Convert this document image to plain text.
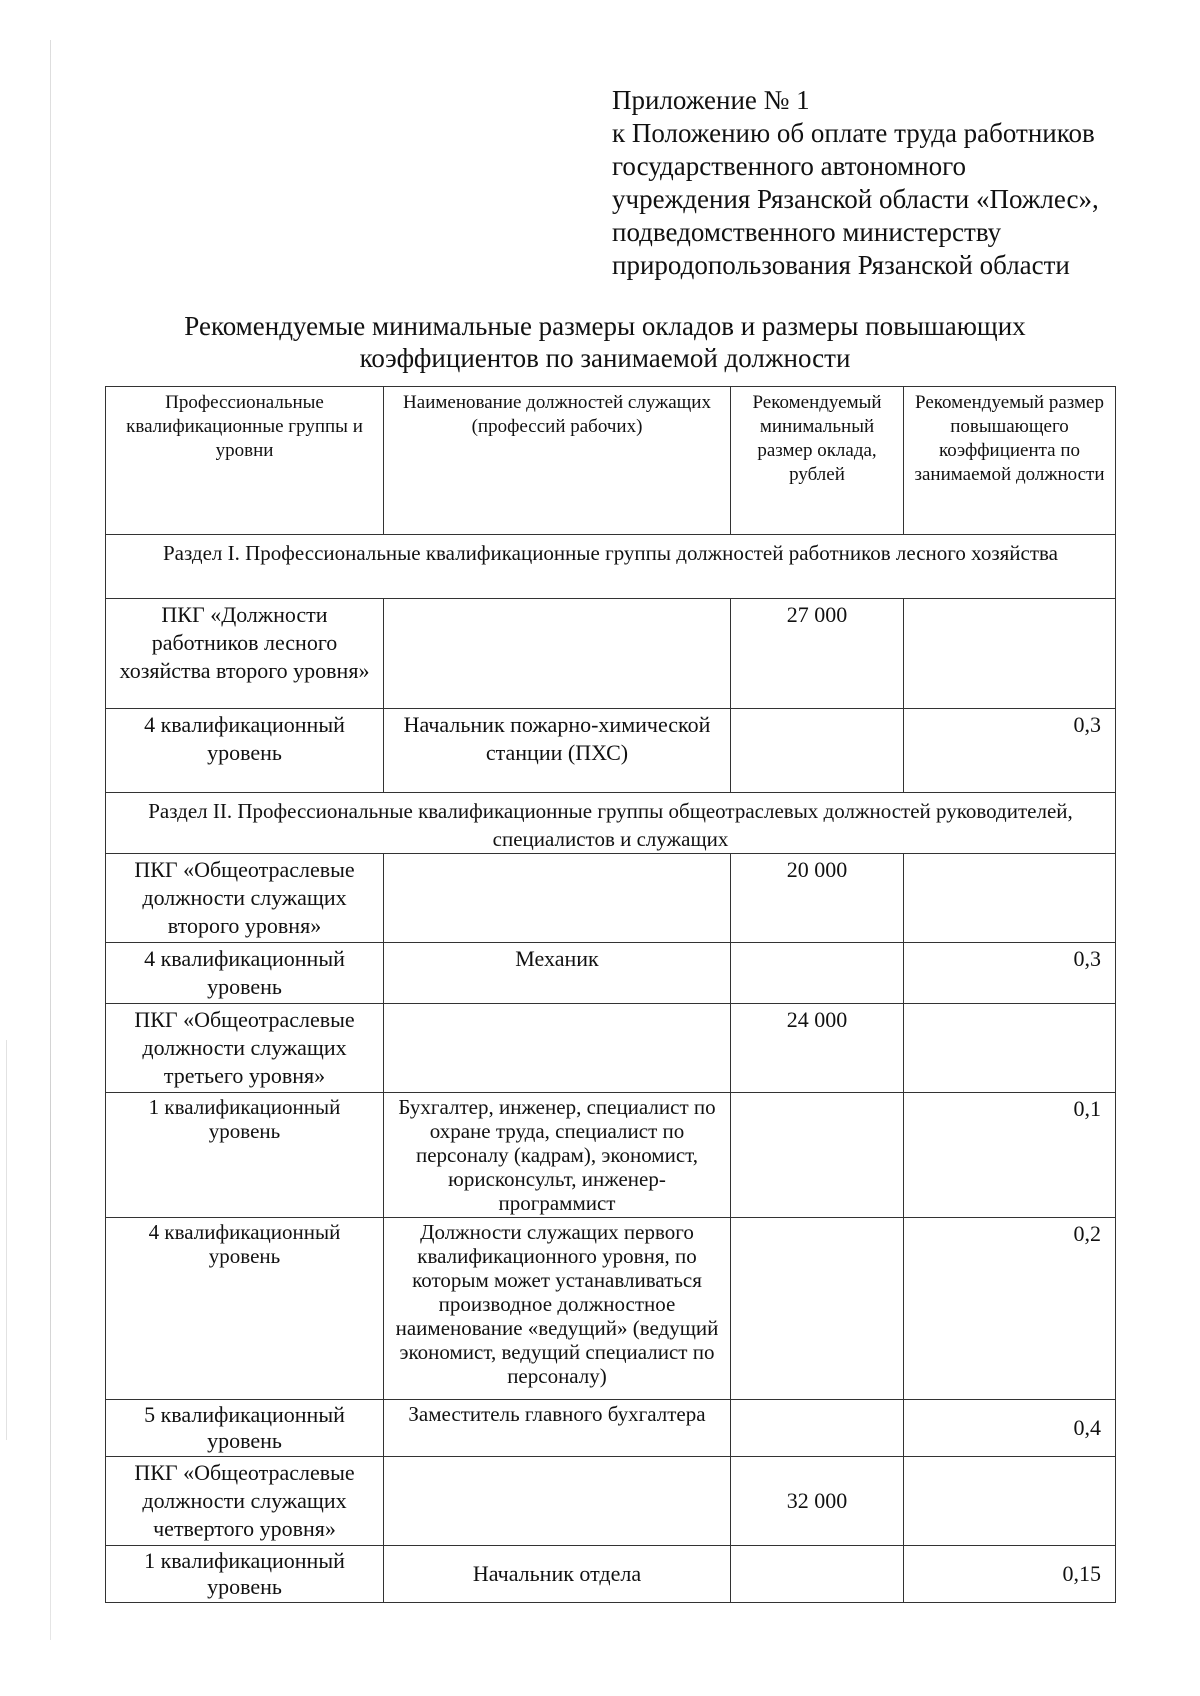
Приложение № 1
к Положению об оплате труда работников
государственного автономного
учреждения Рязанской области «Пожлес»,
подведомственного министерству
природопользования Рязанской области
Рекомендуемые минимальные размеры окладов и размеры повышающих
коэффициентов по занимаемой должности
Профессиональные квалификационные группы и уровни	Наименование должностей служащих (профессий рабочих)	Рекомендуемый минимальный размер оклада, рублей	Рекомендуемый размер повышающего коэффициента по занимаемой должности
Раздел I. Профессиональные квалификационные группы должностей работников лесного хозяйства			
ПКГ «Должности работников лесного хозяйства второго уровня»		27 000	
4 квалификационный уровень	Начальник пожарно-химической станции (ПХС)		0,3
Раздел II. Профессиональные квалификационные группы общеотраслевых должностей руководителей, специалистов и служащих			
ПКГ «Общеотраслевые должности служащих второго уровня»		20 000	
4 квалификационный уровень	Механик		0,3
ПКГ «Общеотраслевые должности служащих третьего уровня»		24 000	
1 квалификационный уровень	Бухгалтер, инженер, специалист по охране труда, специалист по персоналу (кадрам), экономист, юрисконсульт, инженер-программист		0,1
4 квалификационный уровень	Должности служащих первого квалификационного уровня, по которым может устанавливаться производное должностное наименование «ведущий» (ведущий экономист, ведущий специалист по персоналу)		0,2
5 квалификационный уровень	Заместитель главного бухгалтера		0,4
ПКГ «Общеотраслевые должности служащих четвертого уровня»		32 000	
1 квалификационный уровень	Начальник отдела		0,15
